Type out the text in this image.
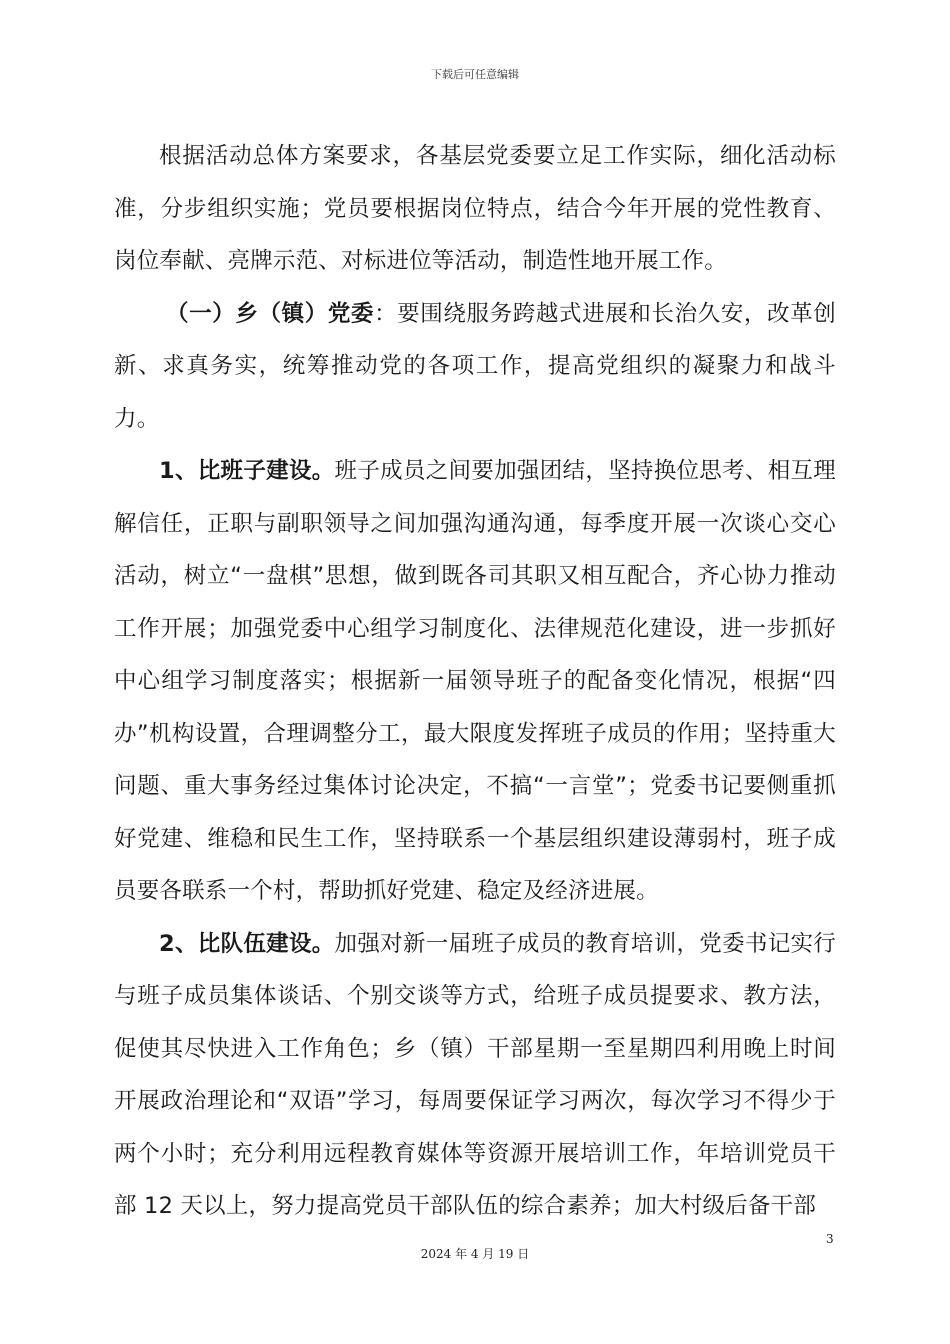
下载后可任意编辑

根据活动总体方案要求，各基层党委要立足工作实际，细化活动标准，分步组织实施；党员要根据岗位特点，结合今年开展的党性教育、岗位奉献、亮牌示范、对标进位等活动，制造性地开展工作。

（一）乡（镇）党委：要围绕服务跨越式进展和长治久安，改革创新、求真务实，统筹推动党的各项工作，提高党组织的凝聚力和战斗力。

1、比班子建设。班子成员之间要加强团结，坚持换位思考、相互理解信任，正职与副职领导之间加强沟通沟通，每季度开展一次谈心交心活动，树立“一盘棋”思想，做到既各司其职又相互配合，齐心协力推动工作开展；加强党委中心组学习制度化、法律规范化建设，进一步抓好中心组学习制度落实；根据新一届领导班子的配备变化情况，根据“四办”机构设置，合理调整分工，最大限度发挥班子成员的作用；坚持重大问题、重大事务经过集体讨论决定，不搞“一言堂”；党委书记要侧重抓好党建、维稳和民生工作，坚持联系一个基层组织建设薄弱村，班子成员要各联系一个村，帮助抓好党建、稳定及经济进展。

2、比队伍建设。加强对新一届班子成员的教育培训，党委书记实行与班子成员集体谈话、个别交谈等方式，给班子成员提要求、教方法，促使其尽快进入工作角色；乡（镇）干部星期一至星期四利用晚上时间开展政治理论和“双语”学习，每周要保证学习两次，每次学习不得少于两个小时；充分利用远程教育媒体等资源开展培训工作，年培训党员干部 12 天以上，努力提高党员干部队伍的综合素养；加大村级后备干部

3
2024 年 4 月 19 日
